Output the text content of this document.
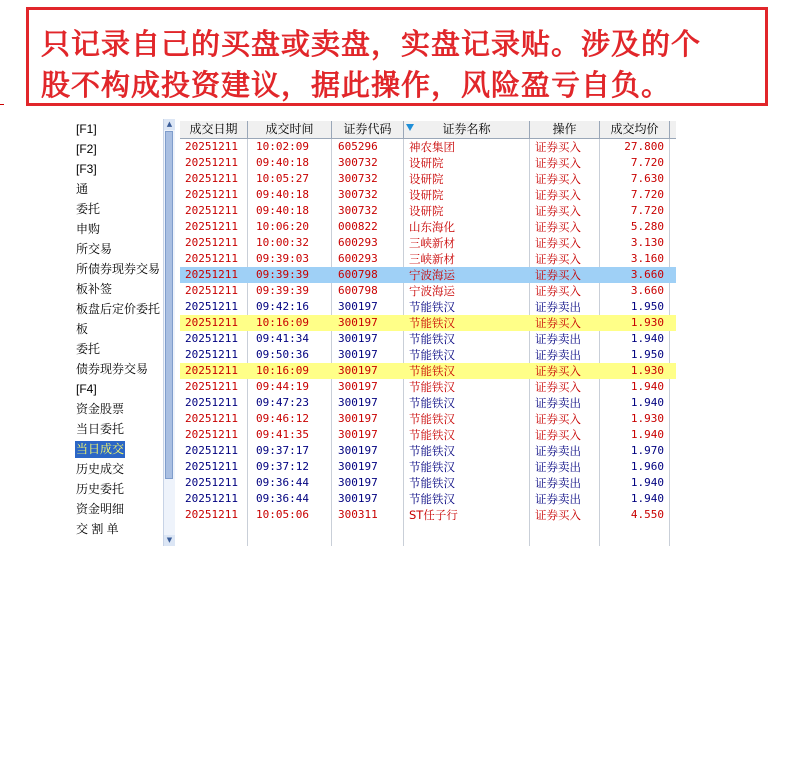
只记录自己的买盘或卖盘，实盘记录贴。涉及的个
股不构成投资建议，据此操作，风险盈亏自负。
[F1]
[F2]
[F3]
通
委托
申购
所交易
所债券现券交易
板补签
板盘后定价委托
板
委托
债券现券交易
[F4]
资金股票
当日委托
当日成交
历史成交
历史委托
资金明细
交 割 单
▲
▼
成交日期	成交时间	证券代码	证券名称	操作	成交均价
20251211 10:02:09	605296	神农集团	证券买入	27.800
20251211 09:40:18	300732	设研院	证券买入	7.720
20251211 10:05:27	300732	设研院	证券买入	7.630
20251211 09:40:18	300732	设研院	证券买入	7.720
20251211 09:40:18	300732	设研院	证券买入	7.720
20251211 10:06:20	000822	山东海化	证券买入	5.280
20251211 10:00:32	600293	三峡新材	证券买入	3.130
20251211 09:39:03	600293	三峡新材	证券买入	3.160
20251211 09:39:39	600798	宁波海运	证券买入	3.660
20251211 09:39:39	600798	宁波海运	证券买入	3.660
20251211 09:42:16	300197	节能铁汉	证券卖出	1.950
20251211 10:16:09	300197	节能铁汉	证券买入	1.930
20251211 09:41:34	300197	节能铁汉	证券卖出	1.940
20251211 09:50:36	300197	节能铁汉	证券卖出	1.950
20251211 10:16:09	300197	节能铁汉	证券买入	1.930
20251211 09:44:19	300197	节能铁汉	证券买入	1.940
20251211 09:47:23	300197	节能铁汉	证券卖出	1.940
20251211 09:46:12	300197	节能铁汉	证券买入	1.930
20251211 09:41:35	300197	节能铁汉	证券买入	1.940
20251211 09:37:17	300197	节能铁汉	证券卖出	1.970
20251211 09:37:12	300197	节能铁汉	证券卖出	1.960
20251211 09:36:44	300197	节能铁汉	证券卖出	1.940
20251211 09:36:44	300197	节能铁汉	证券卖出	1.940
20251211 10:05:06	300311	ST任子行	证券买入	4.550
